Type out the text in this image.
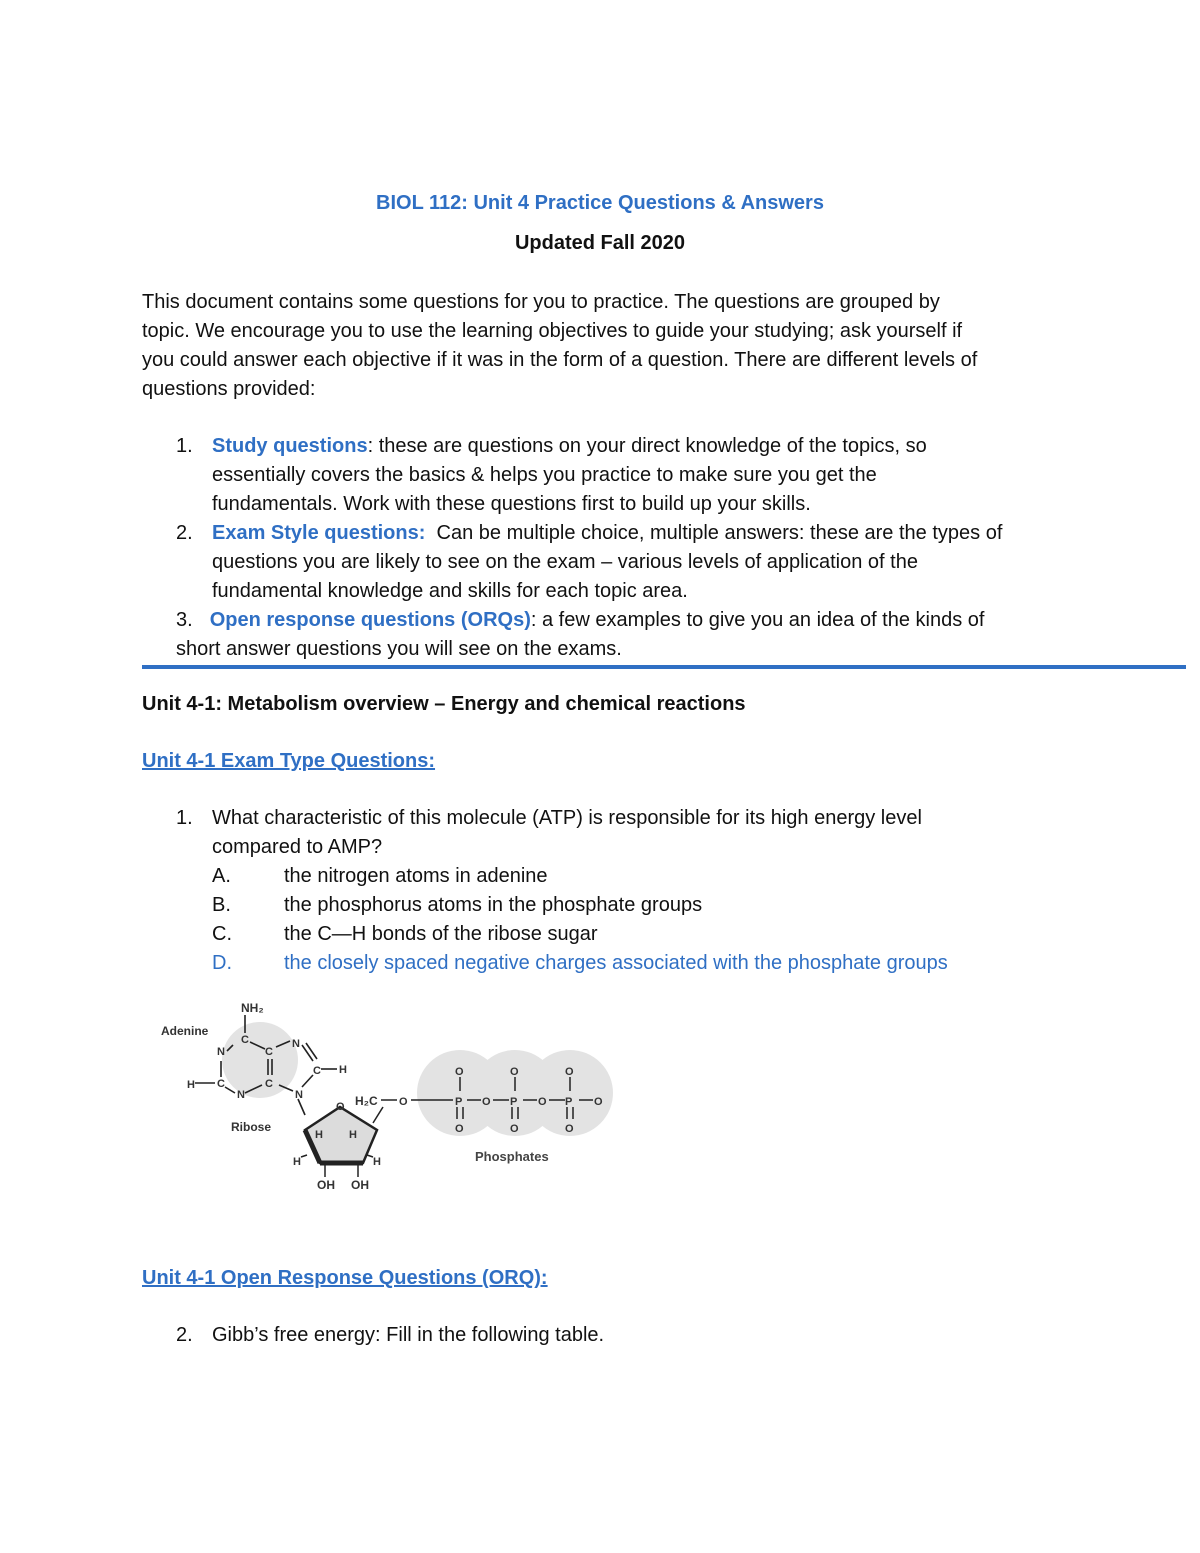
BIOL 112: Unit 4 Practice Questions & Answers
Updated Fall 2020
This document contains some questions for you to practice. The questions are grouped by
topic. We encourage you to use the learning objectives to guide your studying; ask yourself if
you could answer each objective if it was in the form of a question. There are different levels of
questions provided:
1. Study questions: these are questions on your direct knowledge of the topics, so
essentially covers the basics & helps you practice to make sure you get the
fundamentals. Work with these questions first to build up your skills.
2. Exam Style questions:  Can be multiple choice, multiple answers: these are the types of
questions you are likely to see on the exam – various levels of application of the
fundamental knowledge and skills for each topic area.
3. Open response questions (ORQs): a few examples to give you an idea of the kinds of
short answer questions you will see on the exams.
Unit 4-1: Metabolism overview – Energy and chemical reactions
Unit 4-1 Exam Type Questions:
1. What characteristic of this molecule (ATP) is responsible for its high energy level
compared to AMP?
A.	the nitrogen atoms in adenine
B.	the phosphorus atoms in the phosphate groups
C.	the C—H bonds of the ribose sugar
D.	the closely spaced negative charges associated with the phosphate groups
NH₂
Adenine
C
N	C
N
C H
H C
N
C
N
O
H H
H	H
OH OH
Ribose
H₂C O	P O P O P O
O	O	O
O	O	O
Phosphates
Unit 4-1 Open Response Questions (ORQ):
2. Gibb’s free energy: Fill in the following table.
